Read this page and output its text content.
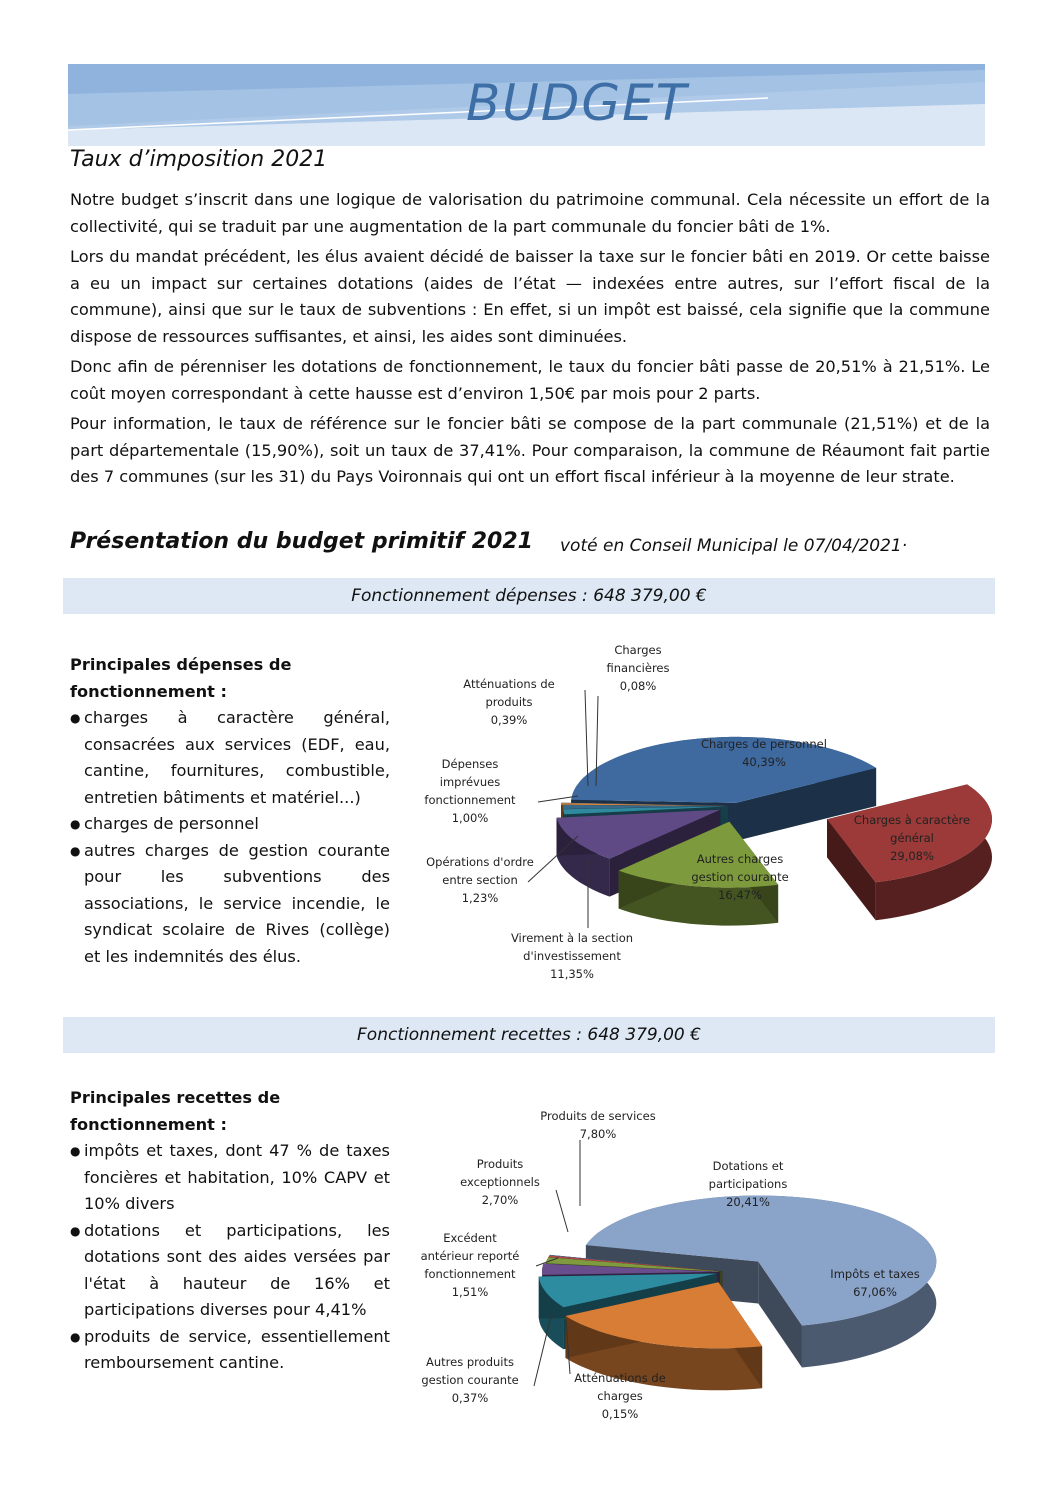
BUDGET
Taux d’imposition 2021

Notre budget s’inscrit dans une logique de valorisation du patrimoine communal. Cela nécessite un effort de la collectivité, qui se traduit par une augmentation de la part communale du foncier bâti de 1%.

Lors du mandat précédent, les élus avaient décidé de baisser la taxe sur le foncier bâti en 2019. Or cette baisse a eu un impact sur certaines dotations (aides de l’état — indexées entre autres, sur l’effort fiscal de la commune), ainsi que sur le taux de subventions : En effet, si un impôt est baissé, cela signifie que la commune dispose de ressources suffisantes, et ainsi, les aides sont diminuées.

Donc afin de pérenniser les dotations de fonctionnement, le taux du foncier bâti passe de 20,51% à 21,51%. Le coût moyen correspondant à cette hausse est d’environ 1,50€ par mois pour 2 parts.

Pour information, le taux de référence sur le foncier bâti se compose de la part communale (21,51%) et de la part départementale (15,90%), soit un taux de 37,41%. Pour comparaison, la commune de Réaumont fait partie des 7 communes (sur les 31) du Pays Voironnais qui ont un effort fiscal inférieur à la moyenne de leur strate.

Présentation du budget primitif 2021 voté en Conseil Municipal le 07/04/2021·

Fonctionnement dépenses : 648 379,00 €
Principales dépenses de fonctionnement :
● charges à caractère général, consacrées aux services (EDF, eau, cantine, fournitures, combustible, entretien bâtiments et matériel...)
● charges de personnel
● autres charges de gestion courante pour les subventions des associations, le service incendie, le syndicat scolaire de Rives (collège) et les indemnités des élus.
Charges de personnel 40,39%
Charges à caractère général 29,08%
Autres charges gestion courante 16,47%
Virement à la section d'investissement 11,35%
Opérations d'ordre entre section 1,23%
Dépenses imprévues fonctionnement 1,00%
Atténuations de produits 0,39%
Charges financières 0,08%
Fonctionnement recettes : 648 379,00 €
Principales recettes de fonctionnement :
● impôts et taxes, dont 47 % de taxes foncières et habitation, 10% CAPV et 10% divers
● dotations et participations, les dotations sont des aides versées par l'état à hauteur de 16% et participations diverses pour 4,41%
● produits de service, essentiellement remboursement cantine.
Impôts et taxes 67,06%
Dotations et participations 20,41%
Produits de services 7,80%
Produits exceptionnels 2,70%
Excédent antérieur reporté fonctionnement 1,51%
Autres produits gestion courante 0,37%
Atténuations de charges 0,15%
